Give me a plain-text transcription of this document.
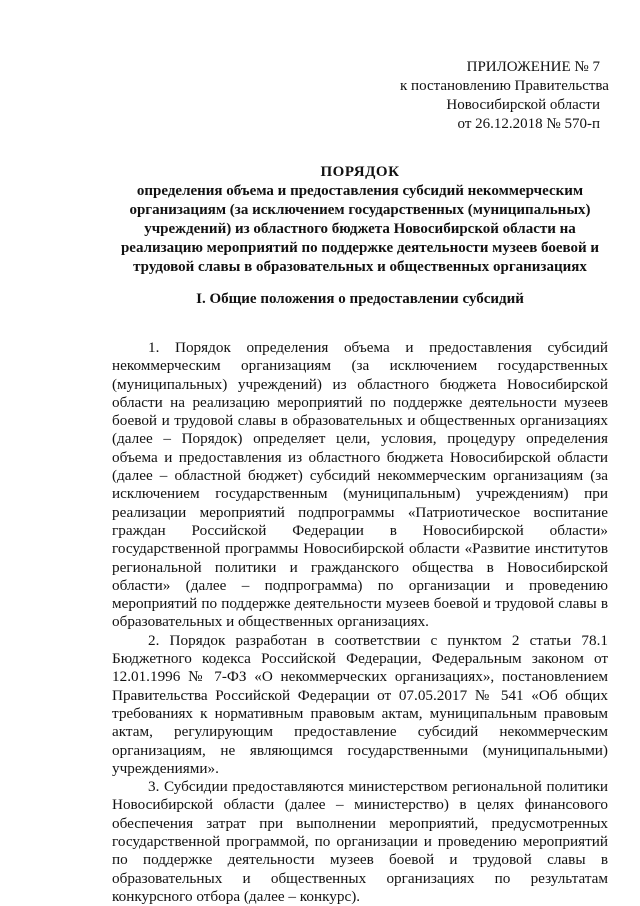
ПРИЛОЖЕНИЕ № 7
к постановлению Правительства
Новосибирской области
от 26.12.2018 № 570-п
ПОРЯДОК
определения объема и предоставления субсидий некоммерческим организациям (за исключением государственных (муниципальных) учреждений) из областного бюджета Новосибирской области на реализацию мероприятий по поддержке деятельности музеев боевой и трудовой славы в образовательных и общественных организациях
I. Общие положения о предоставлении субсидий

1. Порядок определения объема и предоставления субсидий некоммерческим организациям (за исключением государственных (муниципальных) учреждений) из областного бюджета Новосибирской области на реализацию мероприятий по поддержке деятельности музеев боевой и трудовой славы в образовательных и общественных организациях (далее – Порядок) определяет цели, условия, процедуру определения объема и предоставления из областного бюджета Новосибирской области (далее – областной бюджет) субсидий некоммерческим организациям (за исключением государственным (муниципальным) учреждениям) при реализации мероприятий подпрограммы «Патриотическое воспитание граждан Российской Федерации в Новосибирской области» государственной программы Новосибирской области «Развитие институтов региональной политики и гражданского общества в Новосибирской области» (далее – подпрограмма) по организации и проведению мероприятий по поддержке деятельности музеев боевой и трудовой славы в образовательных и общественных организациях.

2. Порядок разработан в соответствии с пунктом 2 статьи 78.1 Бюджетного кодекса Российской Федерации, Федеральным законом от 12.01.1996 № 7-ФЗ «О некоммерческих организациях», постановлением Правительства Российской Федерации от 07.05.2017 № 541 «Об общих требованиях к нормативным правовым актам, муниципальным правовым актам, регулирующим предоставление субсидий некоммерческим организациям, не являющимся государственными (муниципальными) учреждениями».

3. Субсидии предоставляются министерством региональной политики Новосибирской области (далее – министерство) в целях финансового обеспечения затрат при выполнении мероприятий, предусмотренных государственной программой, по организации и проведению мероприятий по поддержке деятельности музеев боевой и трудовой славы в образовательных и общественных организациях по результатам конкурсного отбора (далее – конкурс).
